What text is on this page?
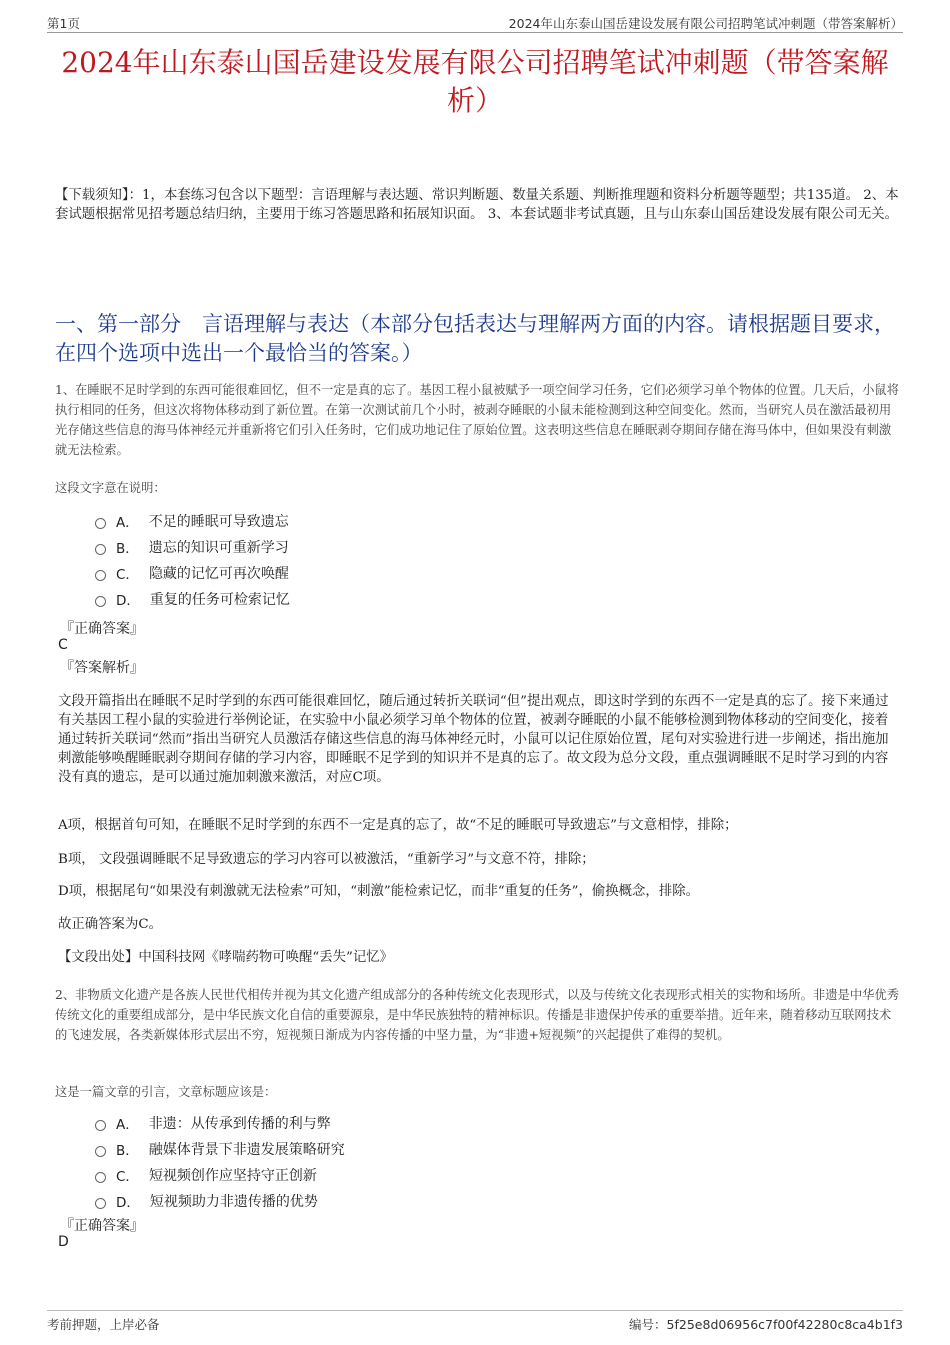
第1页	2024年山东泰山国岳建设发展有限公司招聘笔试冲刺题（带答案解析）
2024年山东泰山国岳建设发展有限公司招聘笔试冲刺题（带答案解析）
【下载须知】：1，本套练习包含以下题型：言语理解与表达题、常识判断题、数量关系题、判断推理题和资料分析题等题型；共135道。 2、本套试题根据常见招考题总结归纳，主要用于练习答题思路和拓展知识面。 3、本套试题非考试真题，且与山东泰山国岳建设发展有限公司无关。
一、第一部分　言语理解与表达（本部分包括表达与理解两方面的内容。请根据题目要求，在四个选项中选出一个最恰当的答案。）
1、在睡眠不足时学到的东西可能很难回忆，但不一定是真的忘了。基因工程小鼠被赋予一项空间学习任务，它们必须学习单个物体的位置。几天后，小鼠将执行相同的任务，但这次将物体移动到了新位置。在第一次测试前几个小时，被剥夺睡眠的小鼠未能检测到这种空间变化。然而，当研究人员在激活最初用光存储这些信息的海马体神经元并重新将它们引入任务时，它们成功地记住了原始位置。这表明这些信息在睡眠剥夺期间存储在海马体中，但如果没有刺激就无法检索。
这段文字意在说明：
A． 不足的睡眠可导致遗忘
B． 遗忘的知识可重新学习
C． 隐藏的记忆可再次唤醒
D． 重复的任务可检索记忆
『正确答案』
C
『答案解析』
文段开篇指出在睡眠不足时学到的东西可能很难回忆，随后通过转折关联词“但”提出观点，即这时学到的东西不一定是真的忘了。接下来通过有关基因工程小鼠的实验进行举例论证，在实验中小鼠必须学习单个物体的位置，被剥夺睡眠的小鼠不能够检测到物体移动的空间变化，接着通过转折关联词“然而”指出当研究人员激活存储这些信息的海马体神经元时，小鼠可以记住原始位置，尾句对实验进行进一步阐述，指出施加刺激能够唤醒睡眠剥夺期间存储的学习内容，即睡眠不足学到的知识并不是真的忘了。故文段为总分文段，重点强调睡眠不足时学习到的内容没有真的遗忘，是可以通过施加刺激来激活，对应C项。
A项，根据首句可知，在睡眠不足时学到的东西不一定是真的忘了，故“不足的睡眠可导致遗忘”与文意相悖，排除；
B项， 文段强调睡眠不足导致遗忘的学习内容可以被激活，“重新学习”与文意不符，排除；
D项，根据尾句“如果没有刺激就无法检索”可知，“刺激”能检索记忆，而非“重复的任务”，偷换概念，排除。
故正确答案为C。
【文段出处】中国科技网《哮喘药物可唤醒“丢失”记忆》
2、非物质文化遗产是各族人民世代相传并视为其文化遗产组成部分的各种传统文化表现形式，以及与传统文化表现形式相关的实物和场所。非遗是中华优秀传统文化的重要组成部分，是中华民族文化自信的重要源泉，是中华民族独特的精神标识。传播是非遗保护传承的重要举措。近年来，随着移动互联网技术的飞速发展，各类新媒体形式层出不穷，短视频日渐成为内容传播的中坚力量，为“非遗+短视频”的兴起提供了难得的契机。
这是一篇文章的引言，文章标题应该是：
A． 非遗：从传承到传播的利与弊
B． 融媒体背景下非遗发展策略研究
C． 短视频创作应坚持守正创新
D． 短视频助力非遗传播的优势
『正确答案』
D
考前押题，上岸必备	编号：5f25e8d06956c7f00f42280c8ca4b1f3
